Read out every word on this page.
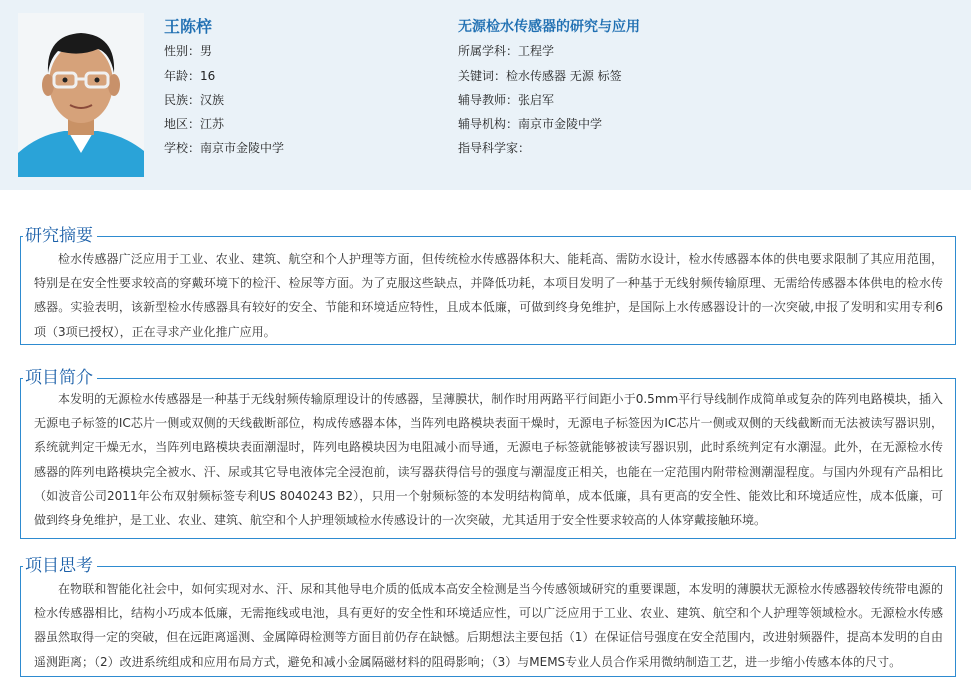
王陈梓
性别：男
年龄：16
民族：汉族
地区：江苏
学校：南京市金陵中学
无源检水传感器的研究与应用
所属学科：工程学
关键词：检水传感器 无源 标签
辅导教师：张启军
辅导机构：南京市金陵中学
指导科学家：
研究摘要
检水传感器广泛应用于工业、农业、建筑、航空和个人护理等方面，但传统检水传感器体积大、能耗高、需防水设计，检水传感器本体的供电要求限制了其应用范围，特别是在安全性要求较高的穿戴环境下的检汗、检尿等方面。为了克服这些缺点，并降低功耗，本项目发明了一种基于无线射频传输原理、无需给传感器本体供电的检水传感器。实验表明，该新型检水传感器具有较好的安全、节能和环境适应特性，且成本低廉，可做到终身免维护，是国际上水传感器设计的一次突破,申报了发明和实用专利6项（3项已授权），正在寻求产业化推广应用。
项目简介
本发明的无源检水传感器是一种基于无线射频传输原理设计的传感器，呈薄膜状，制作时用两路平行间距小于0.5mm平行导线制作成简单或复杂的阵列电路模块，插入无源电子标签的IC芯片一侧或双侧的天线截断部位，构成传感器本体，当阵列电路模块表面干燥时，无源电子标签因为IC芯片一侧或双侧的天线截断而无法被读写器识别，系统就判定干燥无水，当阵列电路模块表面潮湿时，阵列电路模块因为电阻减小而导通，无源电子标签就能够被读写器识别，此时系统判定有水潮湿。此外，在无源检水传感器的阵列电路模块完全被水、汗、尿或其它导电液体完全浸泡前，读写器获得信号的强度与潮湿度正相关，也能在一定范围内附带检测潮湿程度。与国内外现有产品相比（如波音公司2011年公布双射频标签专利US 8040243 B2），只用一个射频标签的本发明结构简单，成本低廉，具有更高的安全性、能效比和环境适应性，成本低廉，可做到终身免维护，是工业、农业、建筑、航空和个人护理领域检水传感设计的一次突破，尤其适用于安全性要求较高的人体穿戴接触环境。
项目思考
在物联和智能化社会中，如何实现对水、汗、尿和其他导电介质的低成本高安全检测是当今传感领域研究的重要课题，本发明的薄膜状无源检水传感器较传统带电源的检水传感器相比，结构小巧成本低廉，无需拖线或电池，具有更好的安全性和环境适应性，可以广泛应用于工业、农业、建筑、航空和个人护理等领域检水。无源检水传感器虽然取得一定的突破，但在远距离遥测、金属障碍检测等方面目前仍存在缺憾。后期想法主要包括（1）在保证信号强度在安全范围内，改进射频器件，提高本发明的自由遥测距离；（2）改进系统组成和应用布局方式，避免和减小金属隔磁材料的阻碍影响；（3）与MEMS专业人员合作采用微纳制造工艺，进一步缩小传感本体的尺寸。
